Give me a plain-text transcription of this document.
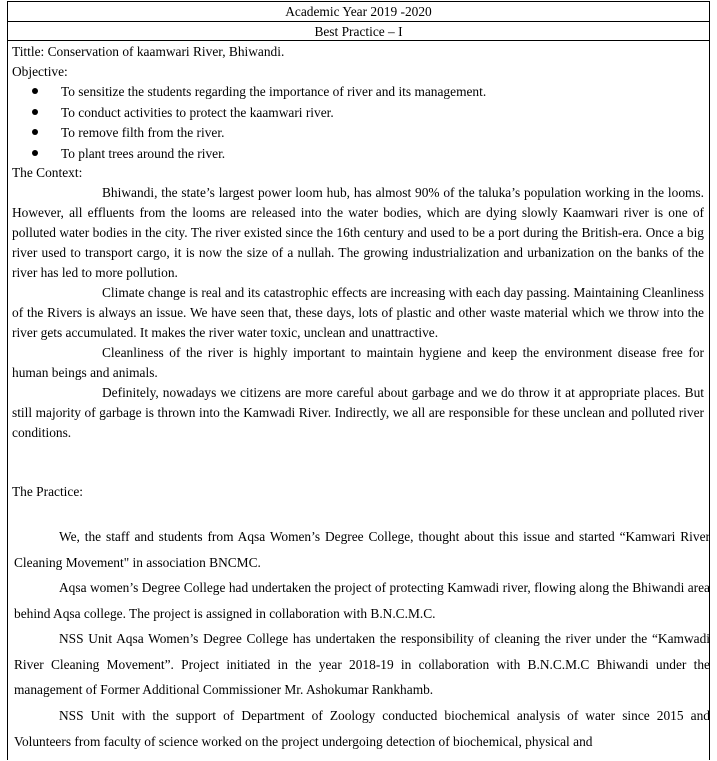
Academic Year 2019 -2020
Best Practice – I
Tittle: Conservation of kaamwari River, Bhiwandi.
Objective:
To sensitize the students regarding the importance of river and its management.
To conduct activities to protect the kaamwari river.
To remove filth from the river.
To plant trees around the river.
The Context:
Bhiwandi, the state’s largest power loom hub, has almost 90% of the taluka’s population working in the looms. However, all effluents from the looms are released into the water bodies, which are dying slowly Kaamwari river is one of polluted water bodies in the city. The river existed since the 16th century and used to be a port during the British-era. Once a big river used to transport cargo, it is now the size of a nullah. The growing industrialization and urbanization on the banks of the river has led to more pollution.
Climate change is real and its catastrophic effects are increasing with each day passing. Maintaining Cleanliness of the Rivers is always an issue. We have seen that, these days, lots of plastic and other waste material which we throw into the river gets accumulated. It makes the river water toxic, unclean and unattractive.
Cleanliness of the river is highly important to maintain hygiene and keep the environment disease free for human beings and animals.
Definitely, nowadays we citizens are more careful about garbage and we do throw it at appropriate places. But still majority of garbage is thrown into the Kamwadi River. Indirectly, we all are responsible for these unclean and polluted river conditions.
The Practice:
We, the staff and students from Aqsa Women’s Degree College, thought about this issue and started “Kamwari River Cleaning Movement" in association BNCMC.
Aqsa women’s Degree College had undertaken the project of protecting Kamwadi river, flowing along the Bhiwandi area behind Aqsa college. The project is assigned in collaboration with B.N.C.M.C.
NSS Unit Aqsa Women’s Degree College has undertaken the responsibility of cleaning the river under the “Kamwadi River Cleaning Movement”. Project initiated in the year 2018-19 in collaboration with B.N.C.M.C Bhiwandi under the management of Former Additional Commissioner Mr. Ashokumar Rankhamb.
NSS Unit with the support of Department of Zoology conducted biochemical analysis of water since 2015 and Volunteers from faculty of science worked on the project undergoing detection of biochemical, physical and
